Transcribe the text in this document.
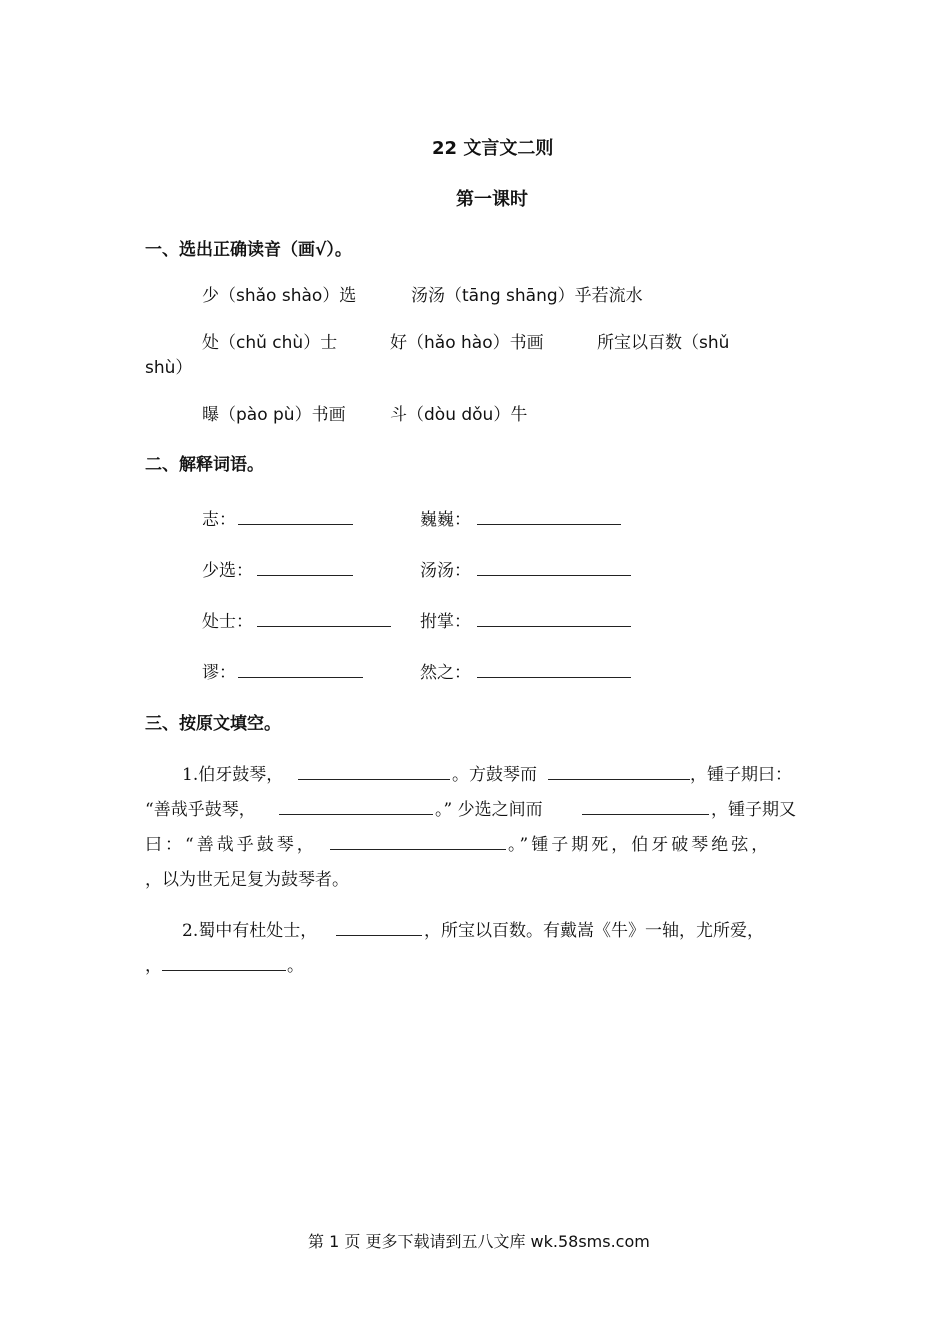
22 文言文二则
第一课时
一、选出正确读音（画√）。
少（shǎo shào）选	汤汤（tāng shāng）乎若流水
处（chǔ chù）士	好（hǎo hào）书画	所宝以百数（shǔ
shù）
曝（pào pù）书画	斗（dòu dǒu）牛
二、解释词语。
志：	巍巍：
少选：	汤汤：
处士：	拊掌：
谬：	然之：
三、按原文填空。
1.伯牙鼓琴，	。方鼓琴而	，锺子期曰：
“善哉乎鼓琴，	。” 少选之间而	，锺子期又
曰：“善哉乎鼓琴，	。”锺子期死，伯牙破琴绝弦，
，以为世无足复为鼓琴者。
2.蜀中有杜处士，	，所宝以百数。有戴嵩《牛》一轴，尤所爱，
，	。
第 1 页 更多下载请到五八文库 wk.58sms.com
